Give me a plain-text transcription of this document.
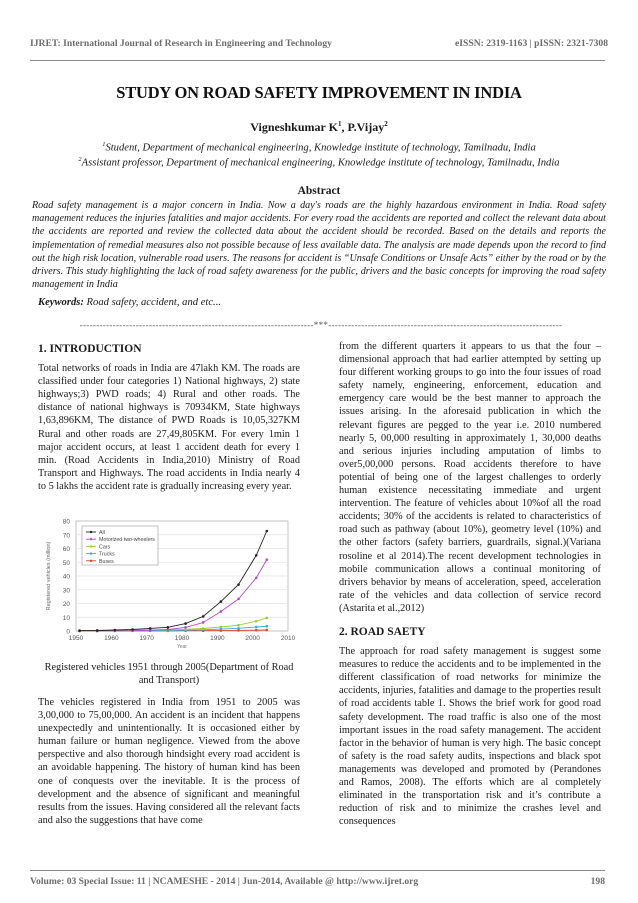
IJRET: International Journal of Research in Engineering and Technology	eISSN: 2319-1163 | pISSN: 2321-7308
STUDY ON ROAD SAFETY IMPROVEMENT IN INDIA
Vigneshkumar $K^1$, P.Vijay$^2$
$^1$Student, Department of mechanical engineering, Knowledge institute of technology, Tamilnadu, India
$^2$Assistant professor, Department of mechanical engineering, Knowledge institute of technology, Tamilnadu, India
Abstract
Road safety management is a major concern in India. Now a day's roads are the highly hazardous environment in India. Road safety management reduces the injuries fatalities and major accidents. For every road the accidents are reported and collect the relevant data about the accidents are reported and review the collected data about the accident should be recorded. Based on the details and reports the implementation of remedial measures also not possible because of less available data. The analysis are made depends upon the record to find out the high risk location, vulnerable road users. The reasons for accident is “Unsafe Conditions or Unsafe Acts” either by the road or by the drivers. This study highlighting the lack of road safety awareness for the public, drivers and the basic concepts for improving the road safety management in India
Keywords: Road safety, accident, and etc...
-----------------------------------------------------------------------***-----------------------------------------------------------------------
1. INTRODUCTION

Total networks of roads in India are 47lakh KM. The roads are classified under four categories 1) National highways, 2) state highways;3) PWD roads; 4) Rural and other roads. The distance of national highways is 70934KM, State highways 1,63,896KM, The distance of PWD Roads is 10,05,327KM Rural and other roads are 27,49,805KM. For every 1min 1 major accident occurs, at least 1 accident death for every 1 min. (Road Accidents in India,2010) Ministry of Road Transport and Highways. The road accidents in India nearly 4 to 5 lakhs the accident rate is gradually increasing every year.

0
10
20
30
40
50
60
70
80
1950	1960	1970	1980	1990	2000	2010
Year
Registered vehicles (million)
All
Motorized two-wheelers
Cars
Trucks
Buses
Registered vehicles 1951 through 2005(Department of Road and Transport)

The vehicles registered in India from 1951 to 2005 was 3,00,000 to 75,00,000. An accident is an incident that happens unexpectedly and unintentionally. It is occasioned either by human failure or human negligence. Viewed from the above perspective and also thorough hindsight every road accident is an avoidable happening. The history of human kind has been one of conquests over the inevitable. It is the process of development and the absence of significant and meaningful results from the issues. Having considered all the relevant facts and also the suggestions that have come

from the different quarters it appears to us that the four – dimensional approach that had earlier attempted by setting up four different working groups to go into the four issues of road safety namely, engineering, enforcement, education and emergency care would be the best manner to approach the issues arising. In the aforesaid publication in which the relevant figures are pegged to the year i.e. 2010 numbered nearly 5, 00,000 resulting in approximately 1, 30,000 deaths and serious injuries including amputation of limbs to over5,00,000 persons. Road accidents therefore to have potential of being one of the largest challenges to orderly human existence necessitating immediate and urgent intervention. The feature of vehicles about 10%of all the road accidents; 30% of the accidents is related to characteristics of road such as pathway (about 10%), geometry level (10%) and the other factors (safety barriers, guardrails, signal.)(Variana rosoline et al 2014).The recent development technologies in mobile communication allows a continual monitoring of drivers behavior by means of acceleration, speed, acceleration rate of the vehicles and data collection of service record (Astarita et al.,2012)

2. ROAD SAETY

The approach for road safety management is suggest some measures to reduce the accidents and to be implemented in the different classification of road networks for minimize the accidents, injuries, fatalities and damage to the properties result of road accidents table 1. Shows the brief work for good road safety development. The road traffic is also one of the most important issues in the road safety management. The accident factor in the behavior of human is very high. The basic concept of safety is the road safety audits, inspections and black spot managements was developed and promoted by (Perandones and Ramos, 2008). The efforts which are al completely eliminated in the transportation risk and it’s contribute a reduction of risk and to minimize the crashes level and consequences

Volume: 03 Special Issue: 11 | NCAMESHE - 2014 | Jun-2014, Available @ http://www.ijret.org	198
